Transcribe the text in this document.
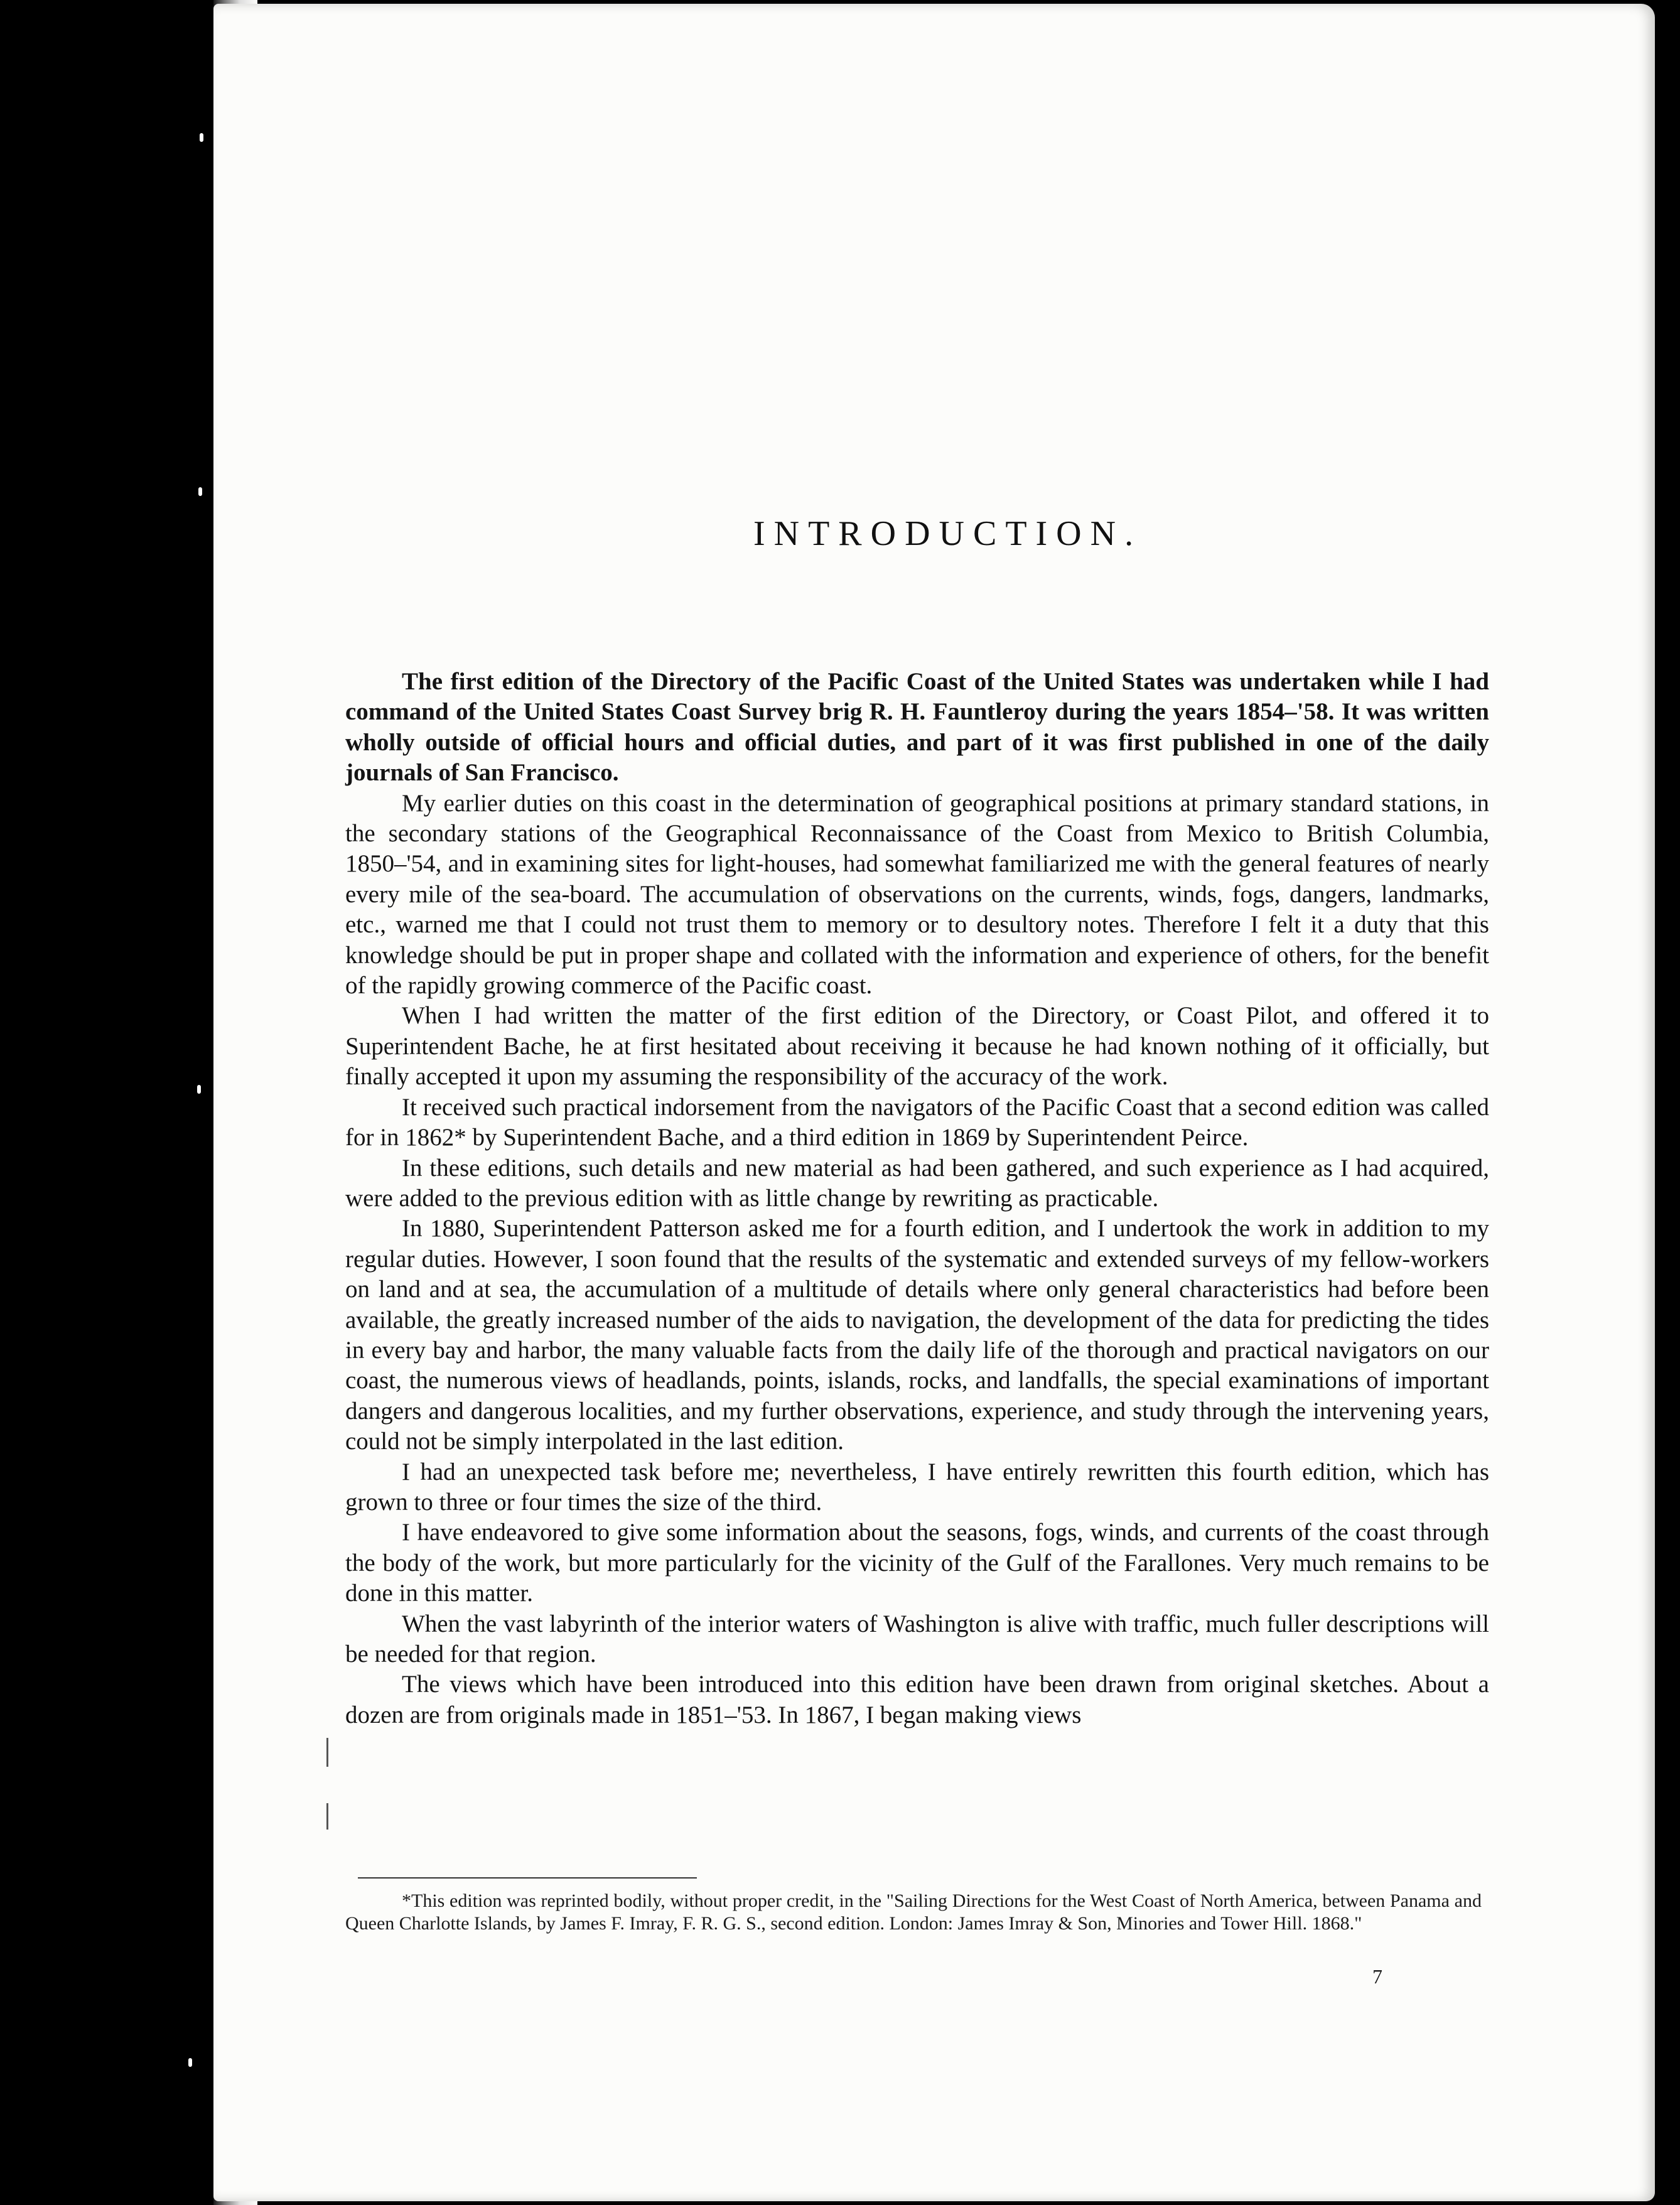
INTRODUCTION.

The first edition of the Directory of the Pacific Coast of the United States was undertaken while I had command of the United States Coast Survey brig R. H. Fauntleroy during the years 1854–'58. It was written wholly outside of official hours and official duties, and part of it was first published in one of the daily journals of San Francisco.

My earlier duties on this coast in the determination of geographical positions at primary standard stations, in the secondary stations of the Geographical Reconnaissance of the Coast from Mexico to British Columbia, 1850–'54, and in examining sites for light-houses, had somewhat familiarized me with the general features of nearly every mile of the sea-board. The accumulation of observations on the currents, winds, fogs, dangers, landmarks, etc., warned me that I could not trust them to memory or to desultory notes. Therefore I felt it a duty that this knowledge should be put in proper shape and collated with the information and experience of others, for the benefit of the rapidly growing commerce of the Pacific coast.

When I had written the matter of the first edition of the Directory, or Coast Pilot, and offered it to Superintendent Bache, he at first hesitated about receiving it because he had known nothing of it officially, but finally accepted it upon my assuming the responsibility of the accuracy of the work.

It received such practical indorsement from the navigators of the Pacific Coast that a second edition was called for in 1862* by Superintendent Bache, and a third edition in 1869 by Superintendent Peirce.

In these editions, such details and new material as had been gathered, and such experience as I had acquired, were added to the previous edition with as little change by rewriting as practicable.

In 1880, Superintendent Patterson asked me for a fourth edition, and I undertook the work in addition to my regular duties. However, I soon found that the results of the systematic and extended surveys of my fellow-workers on land and at sea, the accumulation of a multitude of details where only general characteristics had before been available, the greatly increased number of the aids to navigation, the development of the data for predicting the tides in every bay and harbor, the many valuable facts from the daily life of the thorough and practical navigators on our coast, the numerous views of headlands, points, islands, rocks, and landfalls, the special examinations of important dangers and dangerous localities, and my further observations, experience, and study through the intervening years, could not be simply interpolated in the last edition.

I had an unexpected task before me; nevertheless, I have entirely rewritten this fourth edition, which has grown to three or four times the size of the third.

I have endeavored to give some information about the seasons, fogs, winds, and currents of the coast through the body of the work, but more particularly for the vicinity of the Gulf of the Farallones. Very much remains to be done in this matter.

When the vast labyrinth of the interior waters of Washington is alive with traffic, much fuller descriptions will be needed for that region.

The views which have been introduced into this edition have been drawn from original sketches. About a dozen are from originals made in 1851–'53. In 1867, I began making views

*This edition was reprinted bodily, without proper credit, in the "Sailing Directions for the West Coast of North America, between Panama and Queen Charlotte Islands, by James F. Imray, F. R. G. S., second edition. London: James Imray & Son, Minories and Tower Hill. 1868."
7
